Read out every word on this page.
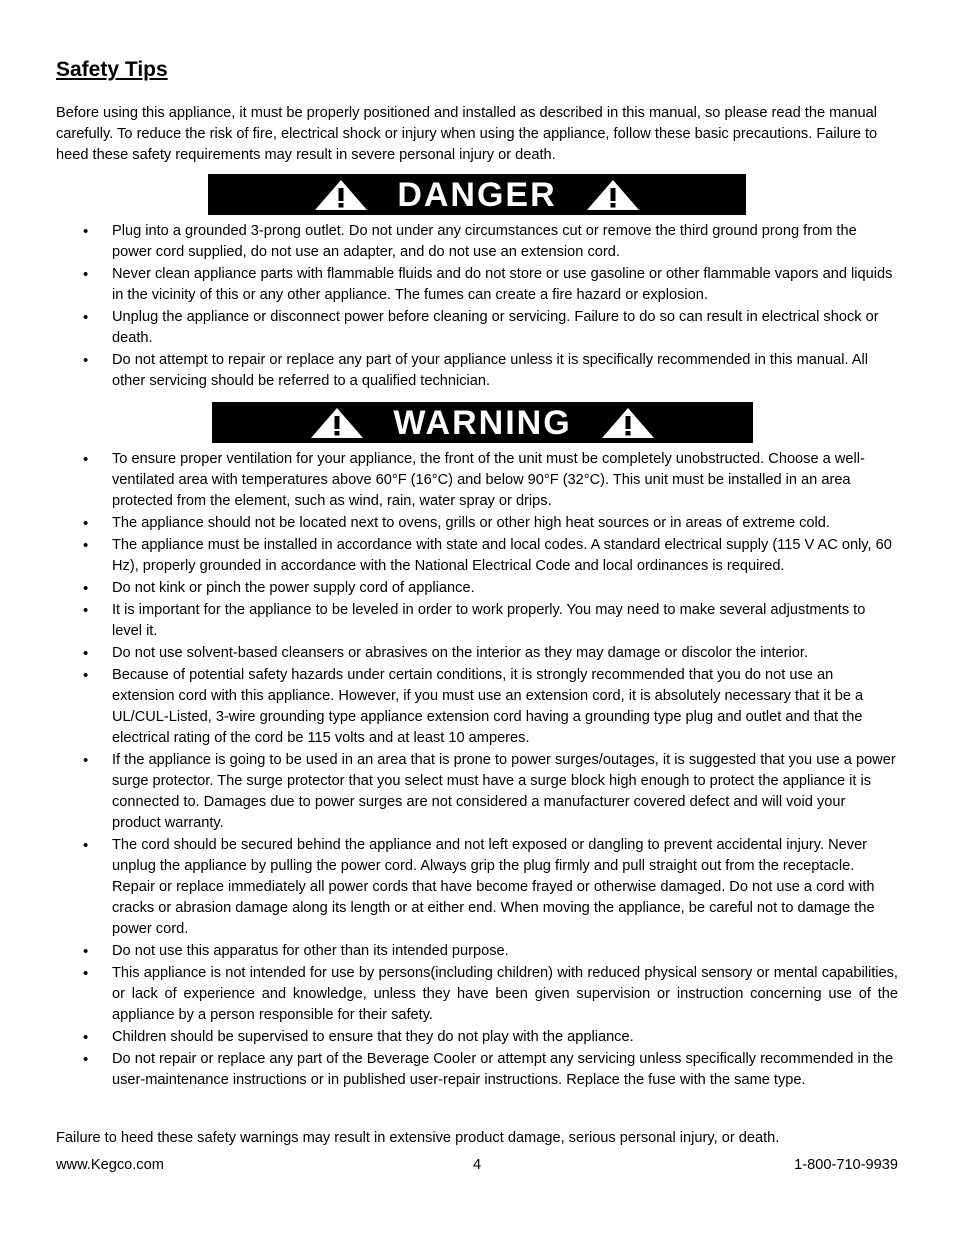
Safety Tips

Before using this appliance, it must be properly positioned and installed as described in this manual, so please read the manual carefully. To reduce the risk of fire, electrical shock or injury when using the appliance, follow these basic precautions. Failure to heed these safety requirements may result in severe personal injury or death.

DANGER
• Plug into a grounded 3-prong outlet. Do not under any circumstances cut or remove the third ground prong from the power cord supplied, do not use an adapter, and do not use an extension cord.
• Never clean appliance parts with flammable fluids and do not store or use gasoline or other flammable vapors and liquids in the vicinity of this or any other appliance. The fumes can create a fire hazard or explosion.
• Unplug the appliance or disconnect power before cleaning or servicing. Failure to do so can result in electrical shock or death.
• Do not attempt to repair or replace any part of your appliance unless it is specifically recommended in this manual. All other servicing should be referred to a qualified technician.
WARNING
• To ensure proper ventilation for your appliance, the front of the unit must be completely unobstructed. Choose a well-ventilated area with temperatures above 60°F (16°C) and below 90°F (32°C). This unit must be installed in an area protected from the element, such as wind, rain, water spray or drips.
• The appliance should not be located next to ovens, grills or other high heat sources or in areas of extreme cold.
• The appliance must be installed in accordance with state and local codes. A standard electrical supply (115 V AC only, 60 Hz), properly grounded in accordance with the National Electrical Code and local ordinances is required.
• Do not kink or pinch the power supply cord of appliance.
• It is important for the appliance to be leveled in order to work properly. You may need to make several adjustments to level it.
• Do not use solvent-based cleansers or abrasives on the interior as they may damage or discolor the interior.
• Because of potential safety hazards under certain conditions, it is strongly recommended that you do not use an extension cord with this appliance. However, if you must use an extension cord, it is absolutely necessary that it be a UL/CUL-Listed, 3-wire grounding type appliance extension cord having a grounding type plug and outlet and that the electrical rating of the cord be 115 volts and at least 10 amperes.
• If the appliance is going to be used in an area that is prone to power surges/outages, it is suggested that you use a power surge protector. The surge protector that you select must have a surge block high enough to protect the appliance it is connected to. Damages due to power surges are not considered a manufacturer covered defect and will void your product warranty.
• The cord should be secured behind the appliance and not left exposed or dangling to prevent accidental injury. Never unplug the appliance by pulling the power cord. Always grip the plug firmly and pull straight out from the receptacle. Repair or replace immediately all power cords that have become frayed or otherwise damaged. Do not use a cord with cracks or abrasion damage along its length or at either end. When moving the appliance, be careful not to damage the power cord.
• Do not use this apparatus for other than its intended purpose.
• This appliance is not intended for use by persons(including children) with reduced physical sensory or mental capabilities, or lack of experience and knowledge, unless they have been given supervision or instruction concerning use of the appliance by a person responsible for their safety.
• Children should be supervised to ensure that they do not play with the appliance.
• Do not repair or replace any part of the Beverage Cooler or attempt any servicing unless specifically recommended in the user-maintenance instructions or in published user-repair instructions. Replace the fuse with the same type.

Failure to heed these safety warnings may result in extensive product damage, serious personal injury, or death.

www.Kegco.com	4	1-800-710-9939
